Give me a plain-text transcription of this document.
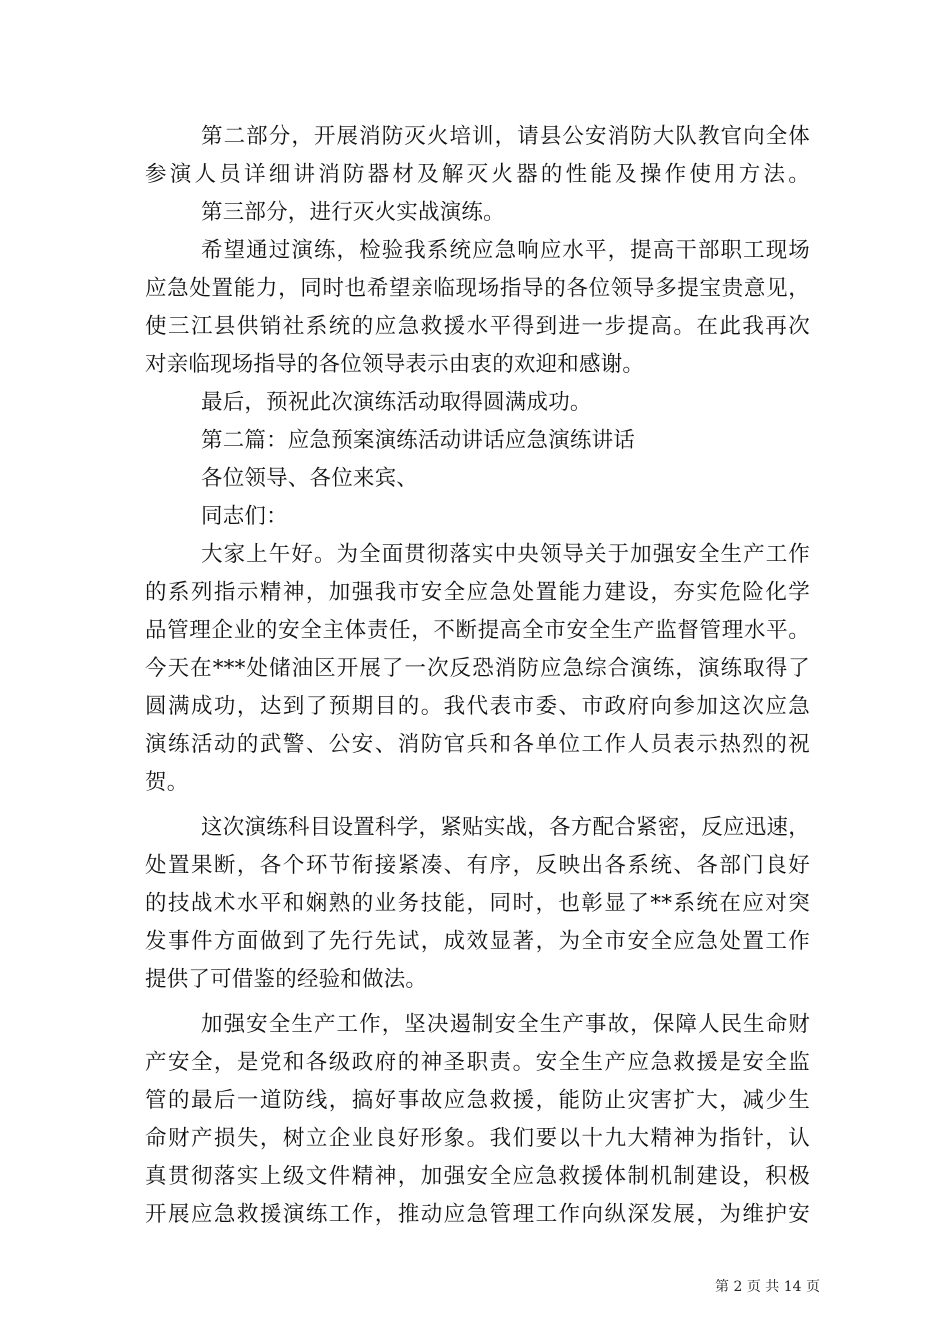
第二部分，开展消防灭火培训，请县公安消防大队教官向全体
参演人员详细讲消防器材及解灭火器的性能及操作使用方法。
第三部分，进行灭火实战演练。
希望通过演练，检验我系统应急响应水平，提高干部职工现场
应急处置能力，同时也希望亲临现场指导的各位领导多提宝贵意见，
使三江县供销社系统的应急救援水平得到进一步提高。在此我再次
对亲临现场指导的各位领导表示由衷的欢迎和感谢。
最后，预祝此次演练活动取得圆满成功。
第二篇：应急预案演练活动讲话应急演练讲话
各位领导、各位来宾、
同志们：
大家上午好。为全面贯彻落实中央领导关于加强安全生产工作
的系列指示精神，加强我市安全应急处置能力建设，夯实危险化学
品管理企业的安全主体责任，不断提高全市安全生产监督管理水平。
今天在***处储油区开展了一次反恐消防应急综合演练，演练取得了
圆满成功，达到了预期目的。我代表市委、市政府向参加这次应急
演练活动的武警、公安、消防官兵和各单位工作人员表示热烈的祝
贺。
这次演练科目设置科学，紧贴实战，各方配合紧密，反应迅速，
处置果断，各个环节衔接紧凑、有序，反映出各系统、各部门良好
的技战术水平和娴熟的业务技能，同时，也彰显了**系统在应对突
发事件方面做到了先行先试，成效显著，为全市安全应急处置工作
提供了可借鉴的经验和做法。
加强安全生产工作，坚决遏制安全生产事故，保障人民生命财
产安全，是党和各级政府的神圣职责。安全生产应急救援是安全监
管的最后一道防线，搞好事故应急救援，能防止灾害扩大，减少生
命财产损失，树立企业良好形象。我们要以十九大精神为指针，认
真贯彻落实上级文件精神，加强安全应急救援体制机制建设，积极
开展应急救援演练工作，推动应急管理工作向纵深发展，为维护安
第 2 页 共 14 页
